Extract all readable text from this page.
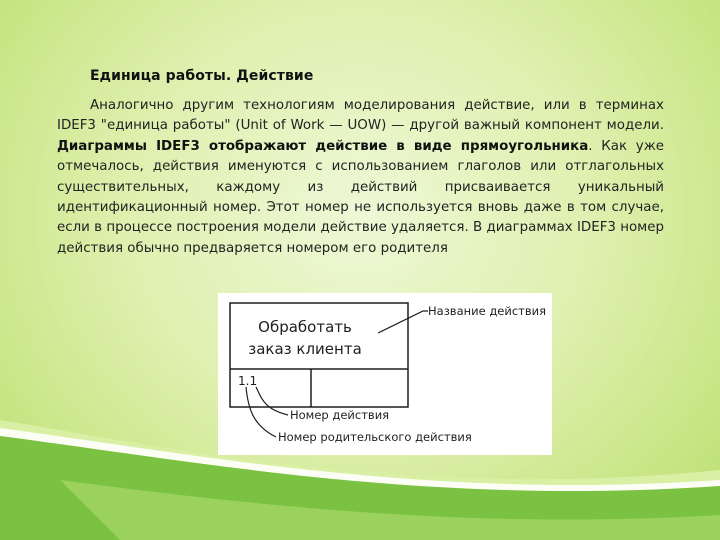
Единица работы. Действие
Аналогично другим технологиям моделирования действие, или в терминах IDEF3 "единица работы" (Unit of Work — UOW) — другой важный компонент модели. Диаграммы IDEF3 отображают действие в виде прямоугольника. Как уже отмечалось, действия именуются с использованием глаголов или отглагольных существительных, каждому из действий присваивается уникальный идентификационный номер. Этот номер не используется вновь даже в том случае, если в процессе построения модели действие удаляется. В диаграммах IDEF3 номер действия обычно предваряется номером его родителя
Обработать
заказ клиента
1.1
Название действия
Номер действия
Номер родительского действия
